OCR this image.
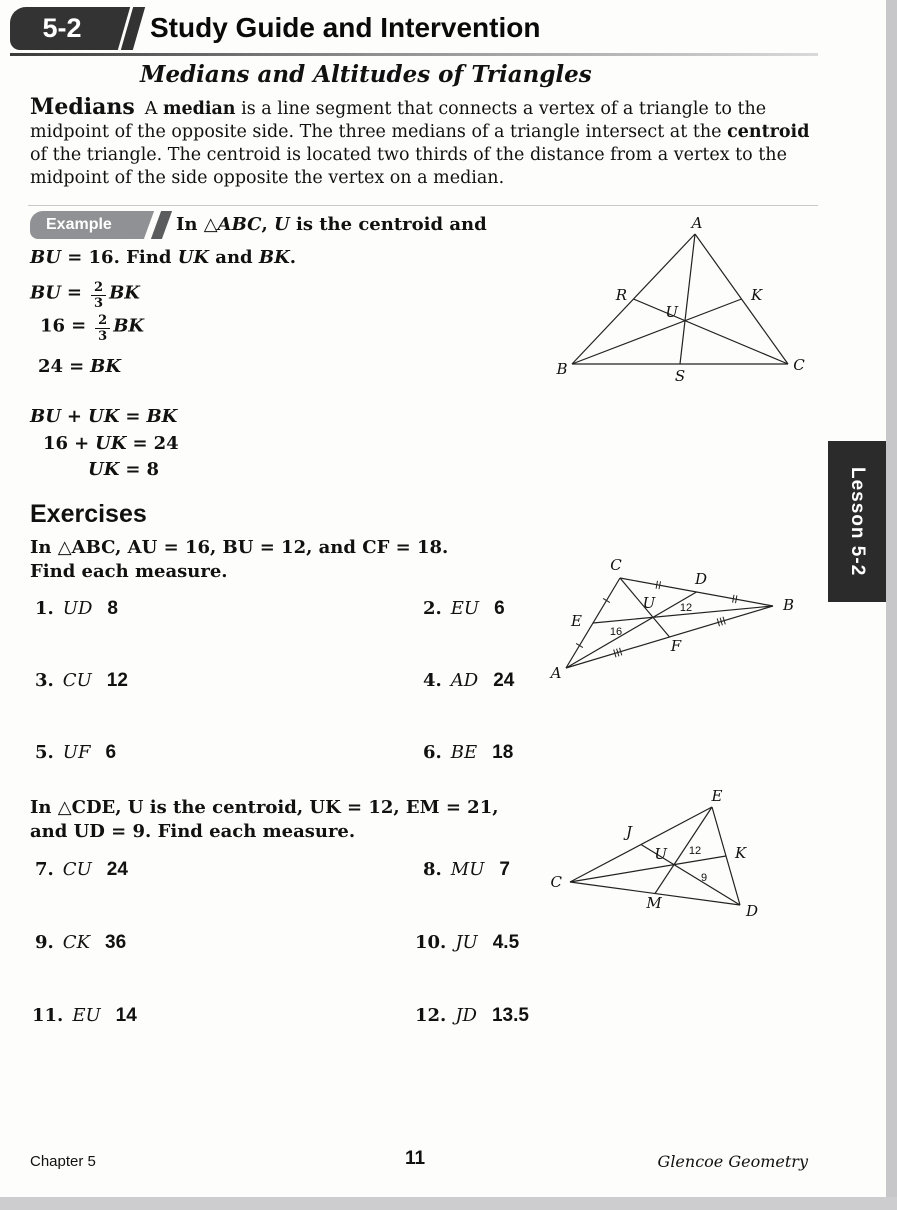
5-2 Study Guide and Intervention
Medians and Altitudes of Triangles
Medians A median is a line segment that connects a vertex of a triangle to the midpoint of the opposite side. The three medians of a triangle intersect at the centroid of the triangle. The centroid is located two thirds of the distance from a vertex to the midpoint of the side opposite the vertex on a median.
Example	In △ABC, U is the centroid and
BU = 16. Find UK and BK.
BU = $\frac{2}{3}$ BK
$16 = \frac{2}{3}$ BK
24 = BK
BU + UK = BK
16 + UK = 24
UK = 8
A
B	C
R	K
S
U
Exercises
In △ABC, AU = 16, BU = 12, and CF = 18. Find each measure.
1. UD 8	2. EU 6
3. CU 12	4. AD 24
5. UF 6	6. BE 18
C
D
B
E
A
F
U
16
12
In △CDE, U is the centroid, UK = 12, EM = 21, and UD = 9. Find each measure.
7. CU 24	8. MU 7
9. CK 36	10. JU 4.5
11. EU 14	12. JD 13.5
E
C
D
J
K
M
U 12
9
Lesson 5-2
Chapter 5	11	Glencoe Geometry
